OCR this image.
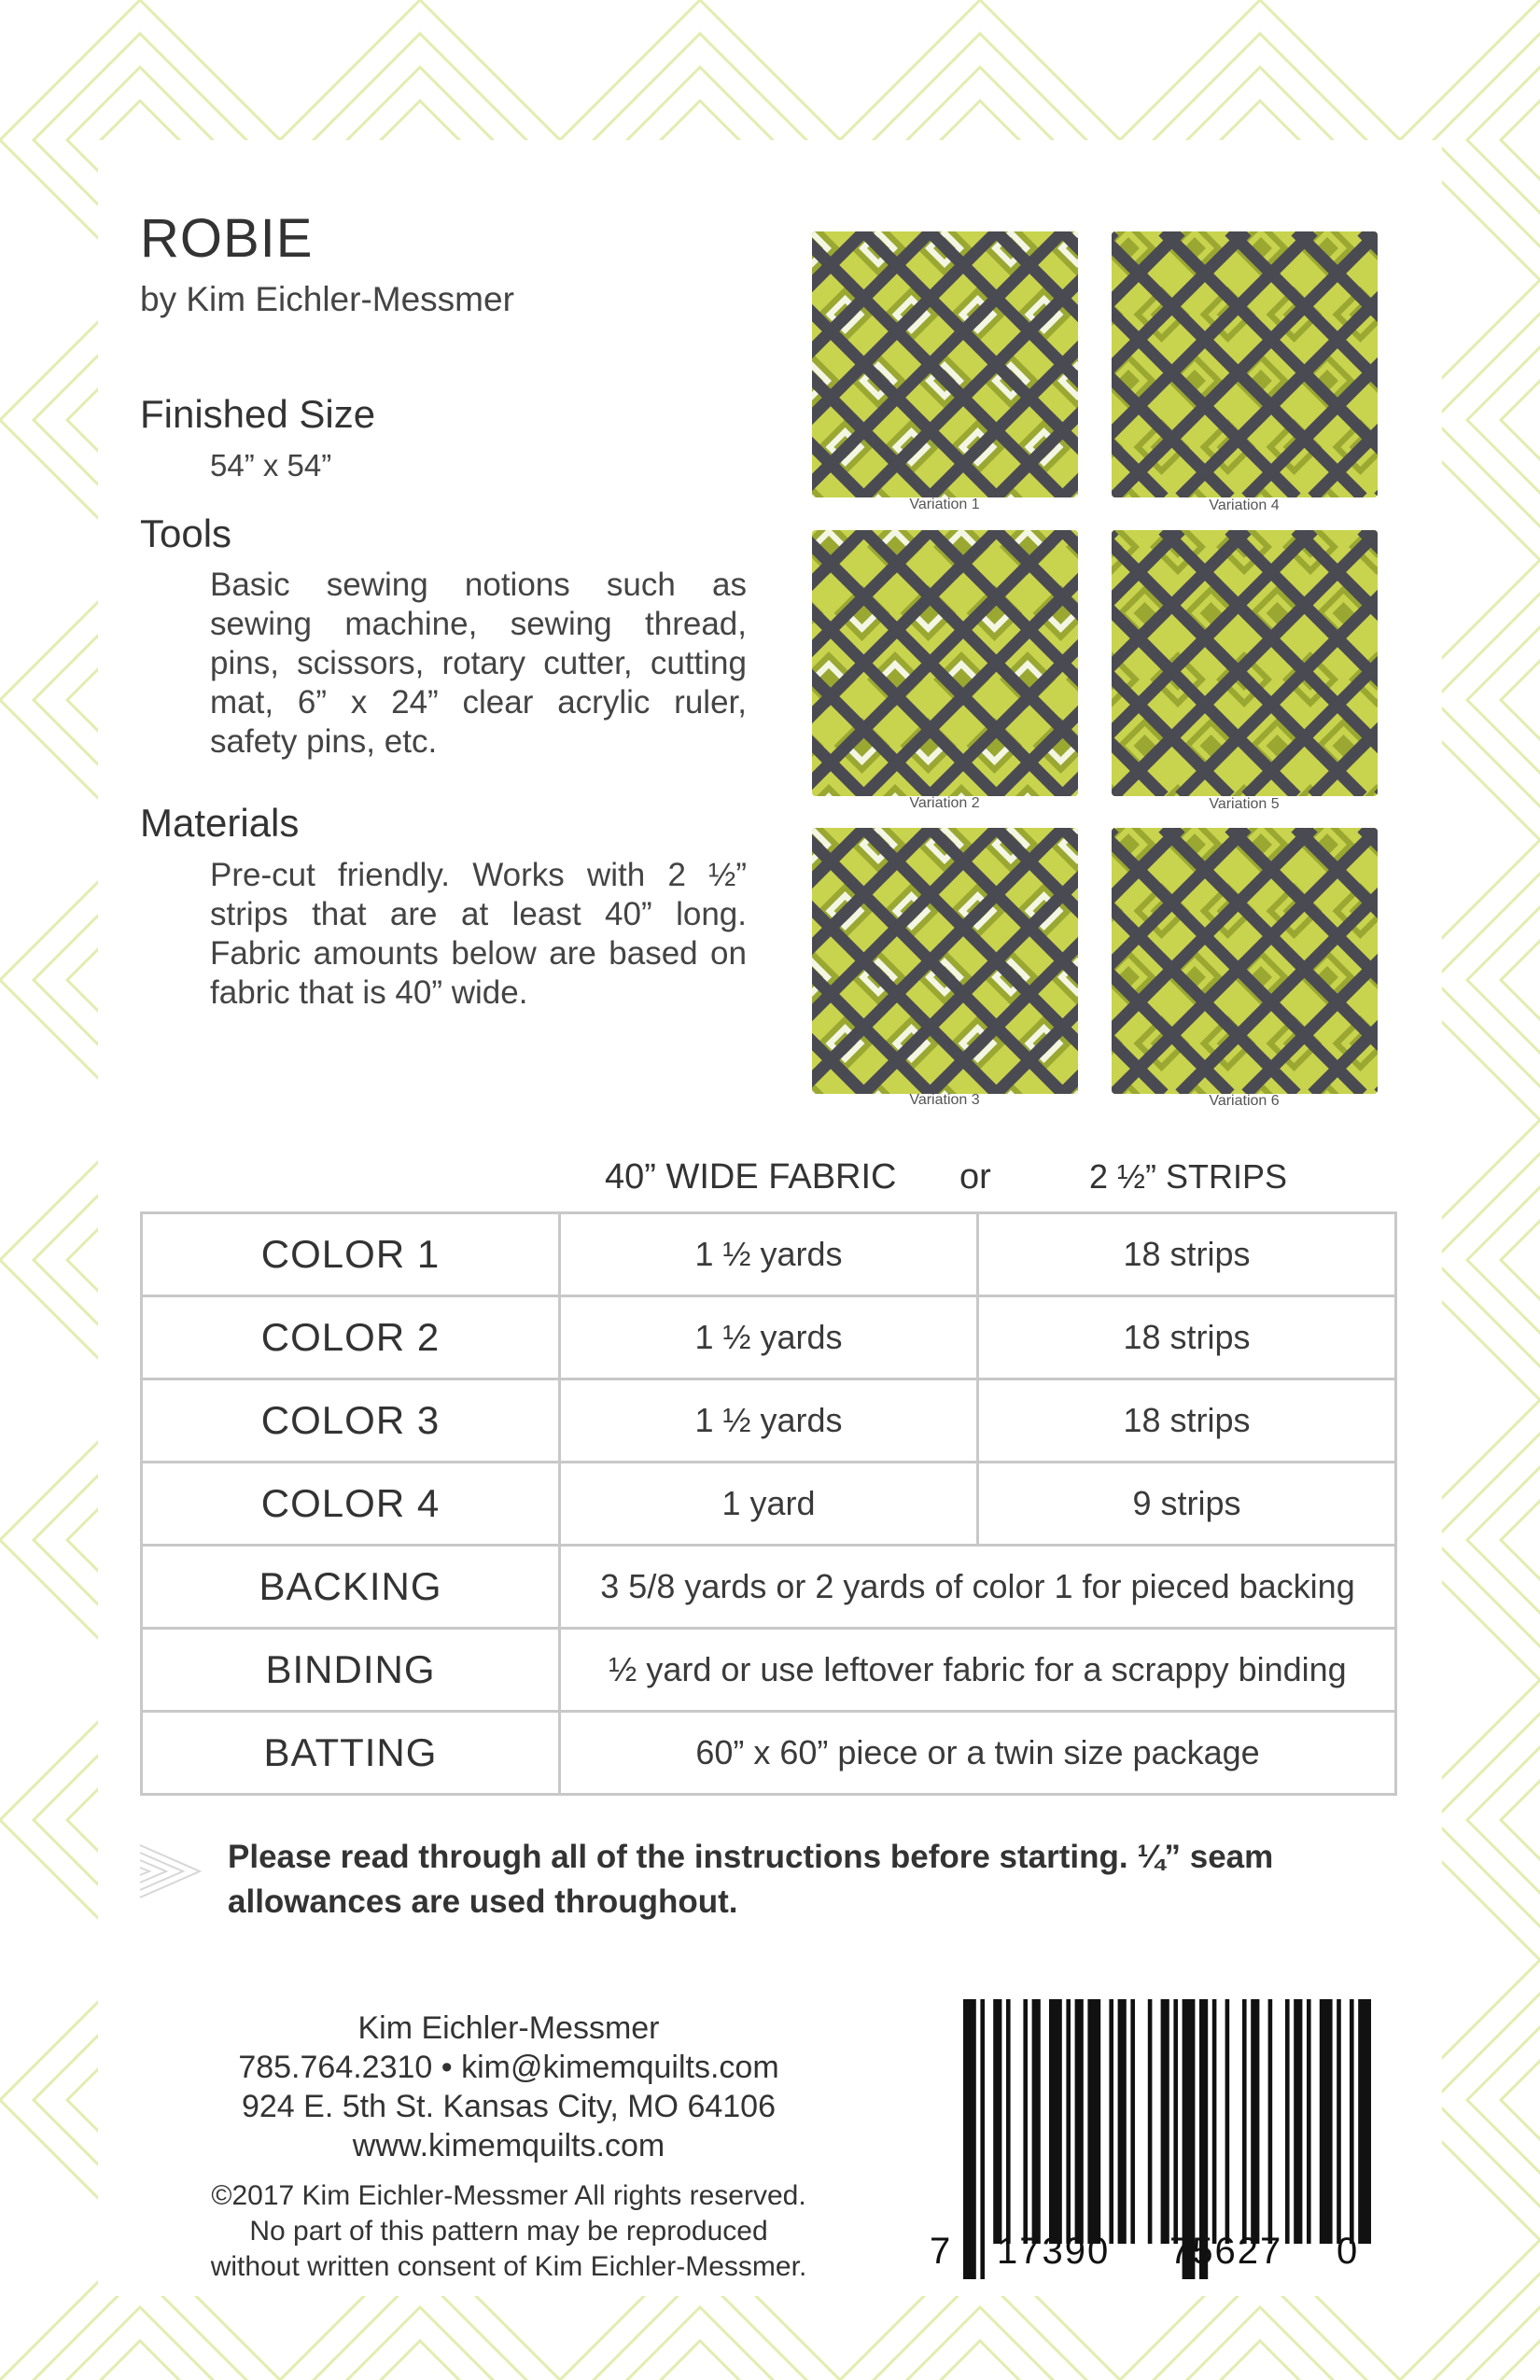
ROBIE
by Kim Eichler-Messmer
Finished Size
54” x 54”
Tools
Basic sewing notions such as sewing machine, sewing thread, pins, scissors, rotary cutter, cutting mat, 6” x 24” clear acrylic ruler, safety pins, etc.
Materials
Pre-cut friendly. Works with 2 ½” strips that are at least 40” long. Fabric amounts below are based on fabric that is 40” wide.
Variation 1	Variation 4
Variation 2	Variation 5
Variation 3	Variation 6
40” WIDE FABRIC or	2 ½” STRIPS
COLOR 1	1 ½ yards	18 strips
COLOR 2	1 ½ yards	18 strips
COLOR 3	1 ½ yards	18 strips
COLOR 4	1 yard	9 strips
BACKING	3 5/8 yards or 2 yards of color 1 for pieced backing	
BINDING	½ yard or use leftover fabric for a scrappy binding	
BATTING	60” x 60” piece or a twin size package	
Please read through all of the instructions before starting. ¼” seam allowances are used throughout.
Kim Eichler-Messmer
785.764.2310 • kim@kimemquilts.com
924 E. 5th St. Kansas City, MO 64106
www.kimemquilts.com
©2017 Kim Eichler-Messmer All rights reserved.
No part of this pattern may be reproduced
without written consent of Kim Eichler-Messmer.	7 17390 75627 0
